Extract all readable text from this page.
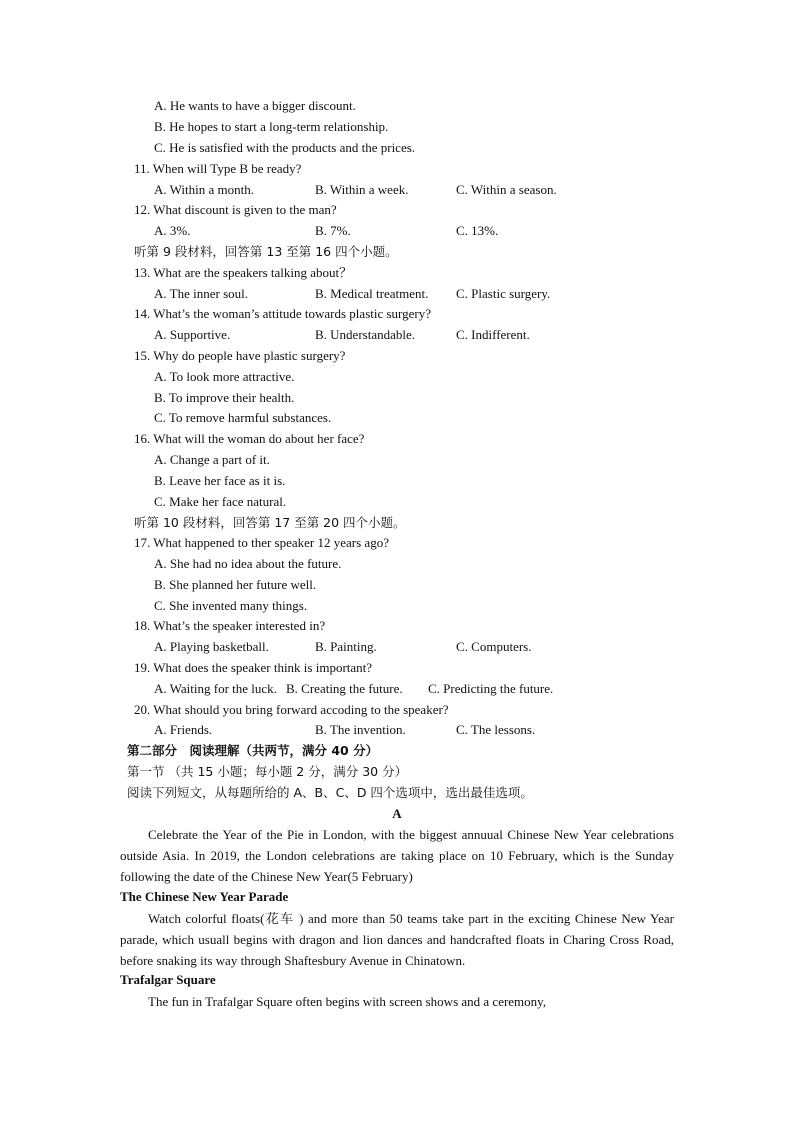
A. He wants to have a bigger discount.
B. He hopes to start a long-term relationship.
C. He is satisfied with the products and the prices.
11. When will Type B be ready?
A. Within a month.	B. Within a week.	C. Within a season.
12. What discount is given to the man?
A. 3%.	B. 7%.	C. 13%.
听第 9 段材料，回答第 13 至第 16 四个小题。
13. What are the speakers talking about？
A. The inner soul.	B. Medical treatment. C. Plastic surgery.
14. What’s the woman’s attitude towards plastic surgery?
A. Supportive.	B. Understandable.	C. Indifferent.
15. Why do people have plastic surgery?
A. To look more attractive.
B. To improve their health.
C. To remove harmful substances.
16. What will the woman do about her face?
A. Change a part of it.
B. Leave her face as it is.
C. Make her face natural.
听第 10 段材料，回答第 17 至第 20 四个小题。
17. What happened to ther speaker 12 years ago?
A. She had no idea about the future.
B. She planned her future well.
C. She invented many things.
18. What’s the speaker interested in?
A. Playing basketball.	B. Painting.	C. Computers.
19. What does the speaker think is important?
A. Waiting for the luck. B. Creating the future. C. Predicting the future.
20. What should you bring forward accoding to the speaker?
A. Friends.	B. The invention.	C. The lessons.
第二部分　阅读理解（共两节，满分 40 分）
第一节 （共 15 小题；每小题 2 分，满分 30 分）
阅读下列短文，从每题所给的 A、B、C、D 四个选项中，选出最佳选项。
A
Celebrate the Year of the Pie in London, with the biggest annuual Chinese New Year celebrations outside Asia. In 2019, the London celebrations are taking place on 10 February, which is the Sunday following the date of the Chinese New Year(5 February)
The Chinese New Year Parade
Watch colorful floats(花车 ) and more than 50 teams take part in the exciting Chinese New Year parade, which usuall begins with dragon and lion dances and handcrafted floats in Charing Cross Road, before snaking its way through Shaftesbury Avenue in Chinatown.
Trafalgar Square
The fun in Trafalgar Square often begins with screen shows and a ceremony,
